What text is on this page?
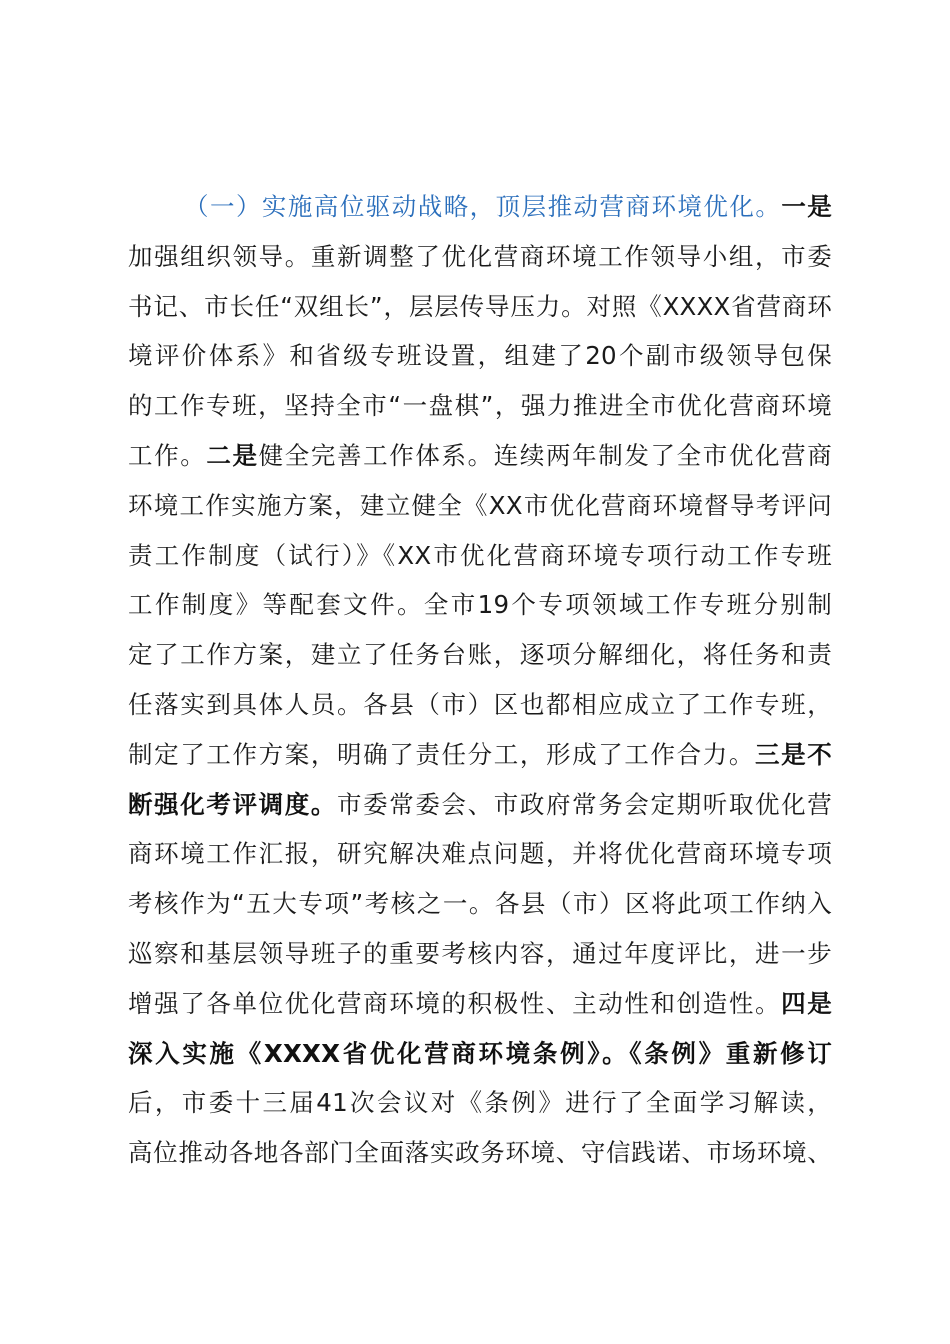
（一）实施高位驱动战略，顶层推动营商环境优化。一是
加强组织领导。重新调整了优化营商环境工作领导小组，市委
书记、市长任“双组长”，层层传导压力。对照《XXXX省营商环
境评价体系》和省级专班设置，组建了20个副市级领导包保
的工作专班，坚持全市“一盘棋”，强力推进全市优化营商环境
工作。二是健全完善工作体系。连续两年制发了全市优化营商
环境工作实施方案，建立健全《XX市优化营商环境督导考评问
责工作制度（试行）》《XX市优化营商环境专项行动工作专班
工作制度》等配套文件。全市19个专项领域工作专班分别制
定了工作方案，建立了任务台账，逐项分解细化，将任务和责
任落实到具体人员。各县（市）区也都相应成立了工作专班，
制定了工作方案，明确了责任分工，形成了工作合力。三是不
断强化考评调度。市委常委会、市政府常务会定期听取优化营
商环境工作汇报，研究解决难点问题，并将优化营商环境专项
考核作为“五大专项”考核之一。各县（市）区将此项工作纳入
巡察和基层领导班子的重要考核内容，通过年度评比，进一步
增强了各单位优化营商环境的积极性、主动性和创造性。四是
深入实施《XXXX省优化营商环境条例》。《条例》重新修订
后，市委十三届41次会议对《条例》进行了全面学习解读，
高位推动各地各部门全面落实政务环境、守信践诺、市场环境、
